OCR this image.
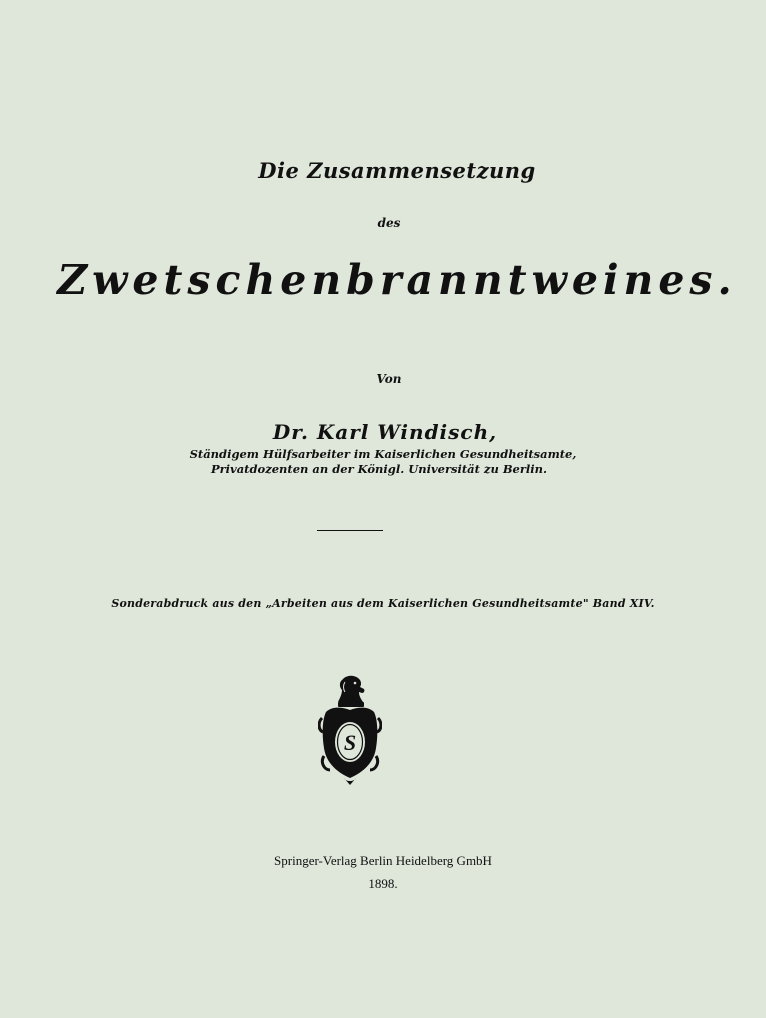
Die Zusammensetzung
des
Zwetschenbranntweines.
Von
Dr. Karl Windisch,
Ständigem Hülfsarbeiter im Kaiserlichen Gesundheitsamte,
Privatdozenten an der Königl. Universität zu Berlin.
Sonderabdruck aus den „Arbeiten aus dem Kaiserlichen Gesundheitsamte" Band XIV.
S
Springer-Verlag Berlin Heidelberg GmbH
1898.
